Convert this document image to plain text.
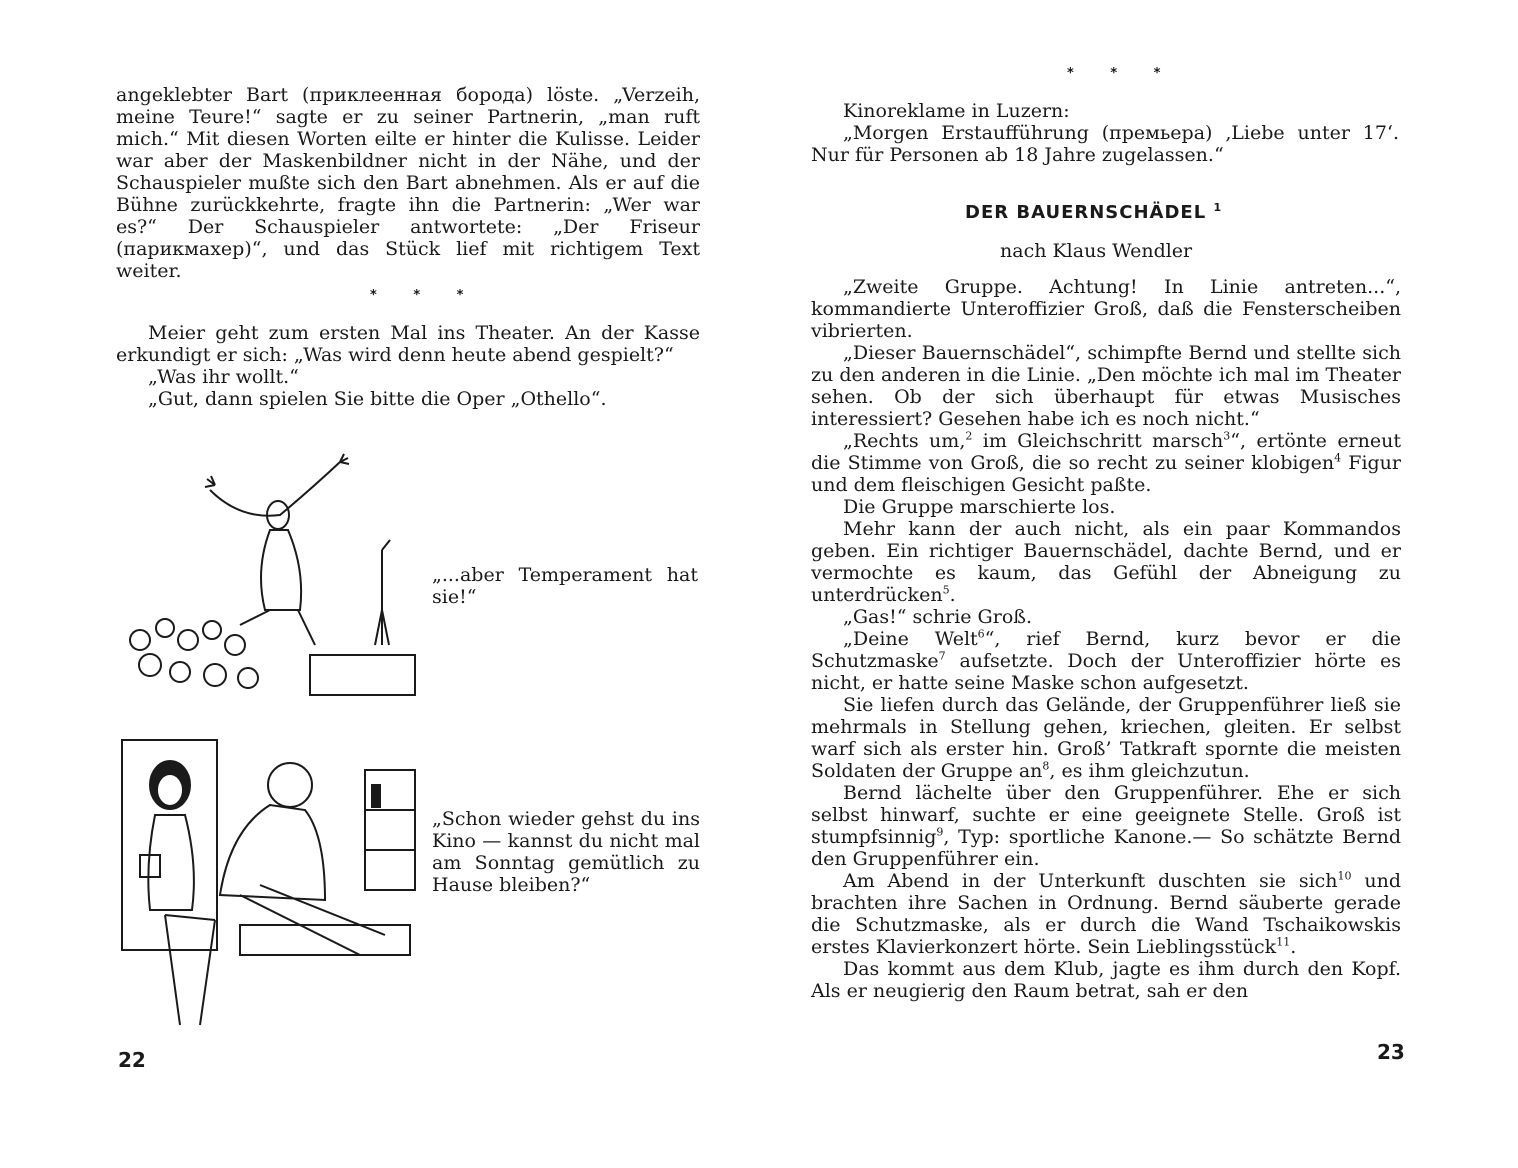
angeklebter Bart (приклеенная борода) löste. „Verzeih, meine Teure!“ sagte er zu seiner Partnerin, „man ruft mich.“ Mit diesen Worten eilte er hinter die Kulisse. Leider war aber der Maskenbildner nicht in der Nähe, und der Schauspieler mußte sich den Bart abnehmen. Als er auf die Bühne zurückkehrte, fragte ihn die Partnerin: „Wer war es?“ Der Schauspieler antwortete: „Der Friseur (парикмахер)“, und das Stück lief mit richtigem Text weiter.

* * *

Meier geht zum ersten Mal ins Theater. An der Kasse erkundigt er sich: „Was wird denn heute abend gespielt?“

„Was ihr wollt.“

„Gut, dann spielen Sie bitte die Oper „Othello“.

„...aber Temperament hat sie!“
„Schon wieder gehst du ins Kino — kannst du nicht mal am Sonntag gemütlich zu Hause bleiben?“
22
* * *

Kinoreklame in Luzern:

„Morgen Erstaufführung (премьера) ‚Liebe unter 17‘. Nur für Personen ab 18 Jahre zugelassen.“

DER BAUERNSCHÄDEL $^1$
nach Klaus Wendler

„Zweite Gruppe. Achtung! In Linie antreten...“, kommandierte Unteroffizier Groß, daß die Fensterscheiben vibrierten.

„Dieser Bauernschädel“, schimpfte Bernd und stellte sich zu den anderen in die Linie. „Den möchte ich mal im Theater sehen. Ob der sich überhaupt für etwas Musisches interessiert? Gesehen habe ich es noch nicht.“

„Rechts um,$^2$ im Gleichschritt marsch$^3$“, ertönte erneut die Stimme von Groß, die so recht zu seiner klobigen$^4$ Figur und dem fleischigen Gesicht paßte.

Die Gruppe marschierte los.

Mehr kann der auch nicht, als ein paar Kommandos geben. Ein richtiger Bauernschädel, dachte Bernd, und er vermochte es kaum, das Gefühl der Abneigung zu unterdrücken$^5$.

„Gas!“ schrie Groß.

„Deine Welt$^6$“, rief Bernd, kurz bevor er die Schutzmaske$^7$ aufsetzte. Doch der Unteroffizier hörte es nicht, er hatte seine Maske schon aufgesetzt.

Sie liefen durch das Gelände, der Gruppenführer ließ sie mehrmals in Stellung gehen, kriechen, gleiten. Er selbst warf sich als erster hin. Groß’ Tatkraft spornte die meisten Soldaten der Gruppe $an^8$, es ihm gleichzutun.

Bernd lächelte über den Gruppenführer. Ehe er sich selbst hinwarf, suchte er eine geeignete Stelle. Groß ist stumpfsinnig$^9$, Typ: sportliche Kanone.— So schätzte Bernd den Gruppenführer ein.

Am Abend in der Unterkunft duschten sie sich$^{10}$ und brachten ihre Sachen in Ordnung. Bernd säuberte gerade die Schutzmaske, als er durch die Wand Tschaikowskis erstes Klavierkonzert hörte. Sein Lieblingsstück$^{11}$.

Das kommt aus dem Klub, jagte es ihm durch den Kopf. Als er neugierig den Raum betrat, sah er den

23
